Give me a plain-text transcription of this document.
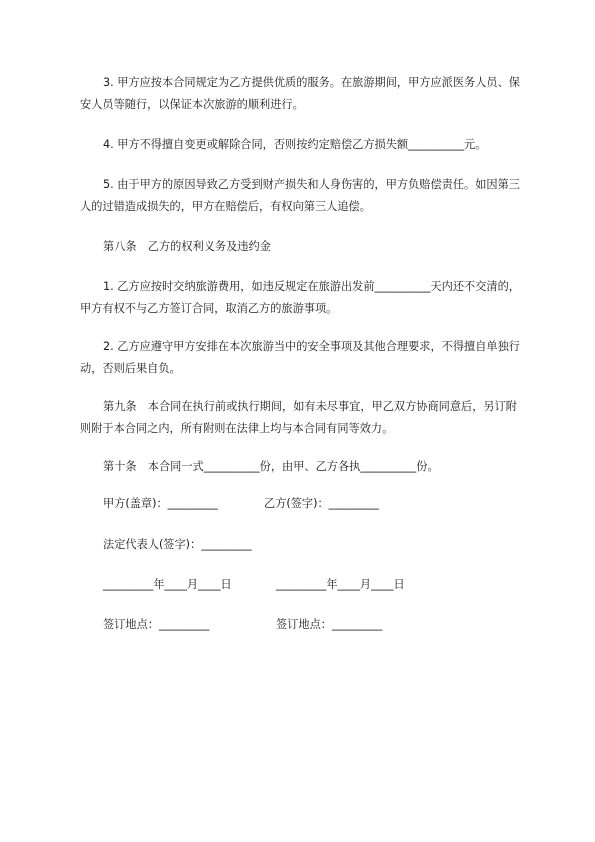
3. 甲方应按本合同规定为乙方提供优质的服务。在旅游期间，甲方应派医务人员、保安人员等随行，以保证本次旅游的顺利进行。

4. 甲方不得擅自变更或解除合同，否则按约定赔偿乙方损失额__________元。

5. 由于甲方的原因导致乙方受到财产损失和人身伤害的，甲方负赔偿责任。如因第三人的过错造成损失的，甲方在赔偿后，有权向第三人追偿。

第八条　乙方的权利义务及违约金

1. 乙方应按时交纳旅游费用，如违反规定在旅游出发前__________天内还不交清的，甲方有权不与乙方签订合同，取消乙方的旅游事项。

2. 乙方应遵守甲方安排在本次旅游当中的安全事项及其他合理要求，不得擅自单独行动，否则后果自负。

第九条　本合同在执行前或执行期间，如有未尽事宜，甲乙双方协商同意后，另订附则附于本合同之内，所有附则在法律上均与本合同有同等效力。

第十条　本合同一式__________份，由甲、乙方各执__________份。

甲方(盖章)：_________	乙方(签字)：_________

法定代表人(签字)：_________

_________年____月____日	_________年____月____日

签订地点：_________	签订地点：_________
